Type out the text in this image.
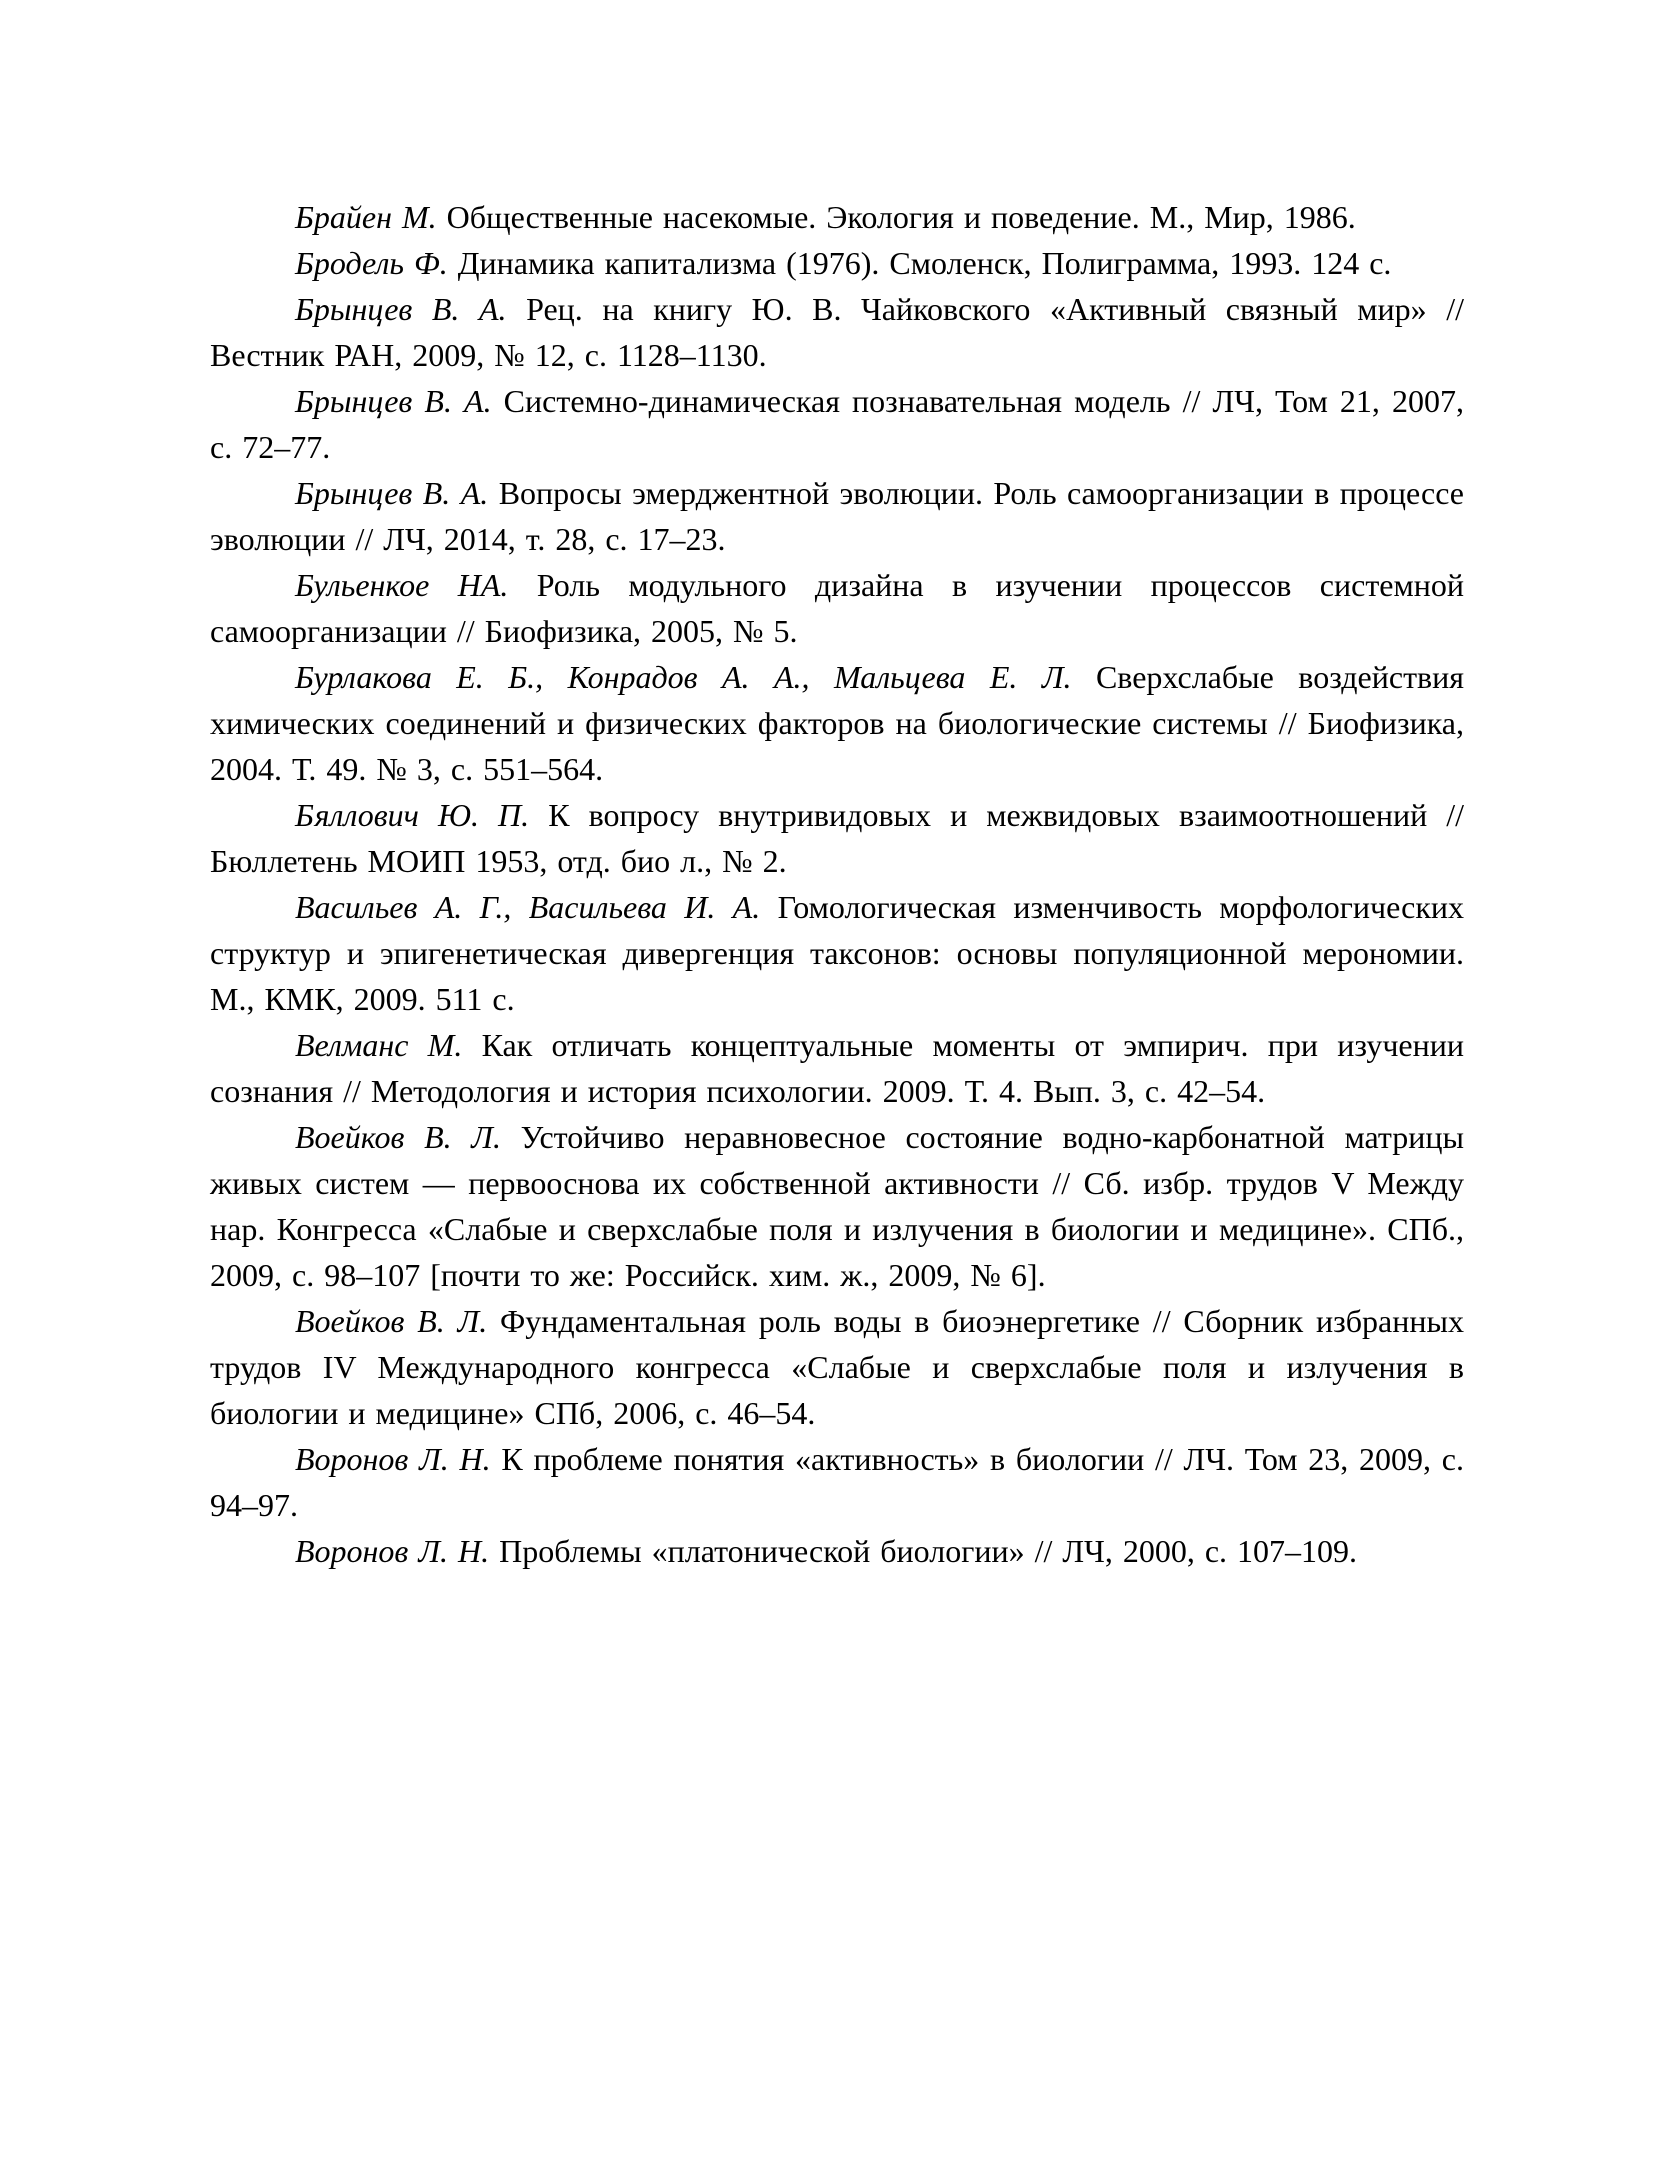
Брайен М. Общественные насекомые. Экология и поведение. М., Мир, 1986.

Бродель Ф. Динамика капитализма (1976). Смоленск, Полиграмма, 1993. 124 с.

Брынцев В. А. Рец. на книгу Ю. В. Чайковского «Активный связный мир» // Вестник РАН, 2009, № 12, с. 1128–1130.

Брынцев В. А. Системно-динамическая познавательная модель // ЛЧ, Том 21, 2007, с. 72–77.

Брынцев В. А. Вопросы эмерджентной эволюции. Роль самоорганизации в процессе эволюции // ЛЧ, 2014, т. 28, с. 17–23.

Бульенкое НА. Роль модульного дизайна в изучении процессов системной самоорганизации // Биофизика, 2005, № 5.

Бурлакова Е. Б., Конрадов А. А., Мальцева Е. Л. Сверхслабые воздействия химических соединений и физических факторов на биологические системы // Биофизика, 2004. Т. 49. № 3, с. 551–564.

Бяллович Ю. П. К вопросу внутривидовых и межвидовых взаимоотношений // Бюллетень МОИП 1953, отд. био л., № 2.

Васильев А. Г., Васильева И. А. Гомологическая изменчивость морфологических структур и эпигенетическая дивергенция таксонов: основы популяционной мерономии. М., КМК, 2009. 511 с.

Велманс М. Как отличать концептуальные моменты от эмпирич. при изучении сознания // Методология и история психологии. 2009. Т. 4. Вып. 3, с. 42–54.

Воейков В. Л. Устойчиво неравновесное состояние водно-карбонатной матрицы живых систем — первооснова их собственной активности // Сб. избр. трудов V Между нар. Конгресса «Слабые и сверхслабые поля и излучения в биологии и медицине». СПб., 2009, с. 98–107 [почти то же: Российск. хим. ж., 2009, № 6].

Воейков В. Л. Фундаментальная роль воды в биоэнергетике // Сборник избранных трудов IV Международного конгресса «Слабые и сверхслабые поля и излучения в биологии и медицине» СПб, 2006, с. 46–54.

Воронов Л. Н. К проблеме понятия «активность» в биологии // ЛЧ. Том 23, 2009, с. 94–97.

Воронов Л. Н. Проблемы «платонической биологии» // ЛЧ, 2000, с. 107–109.
